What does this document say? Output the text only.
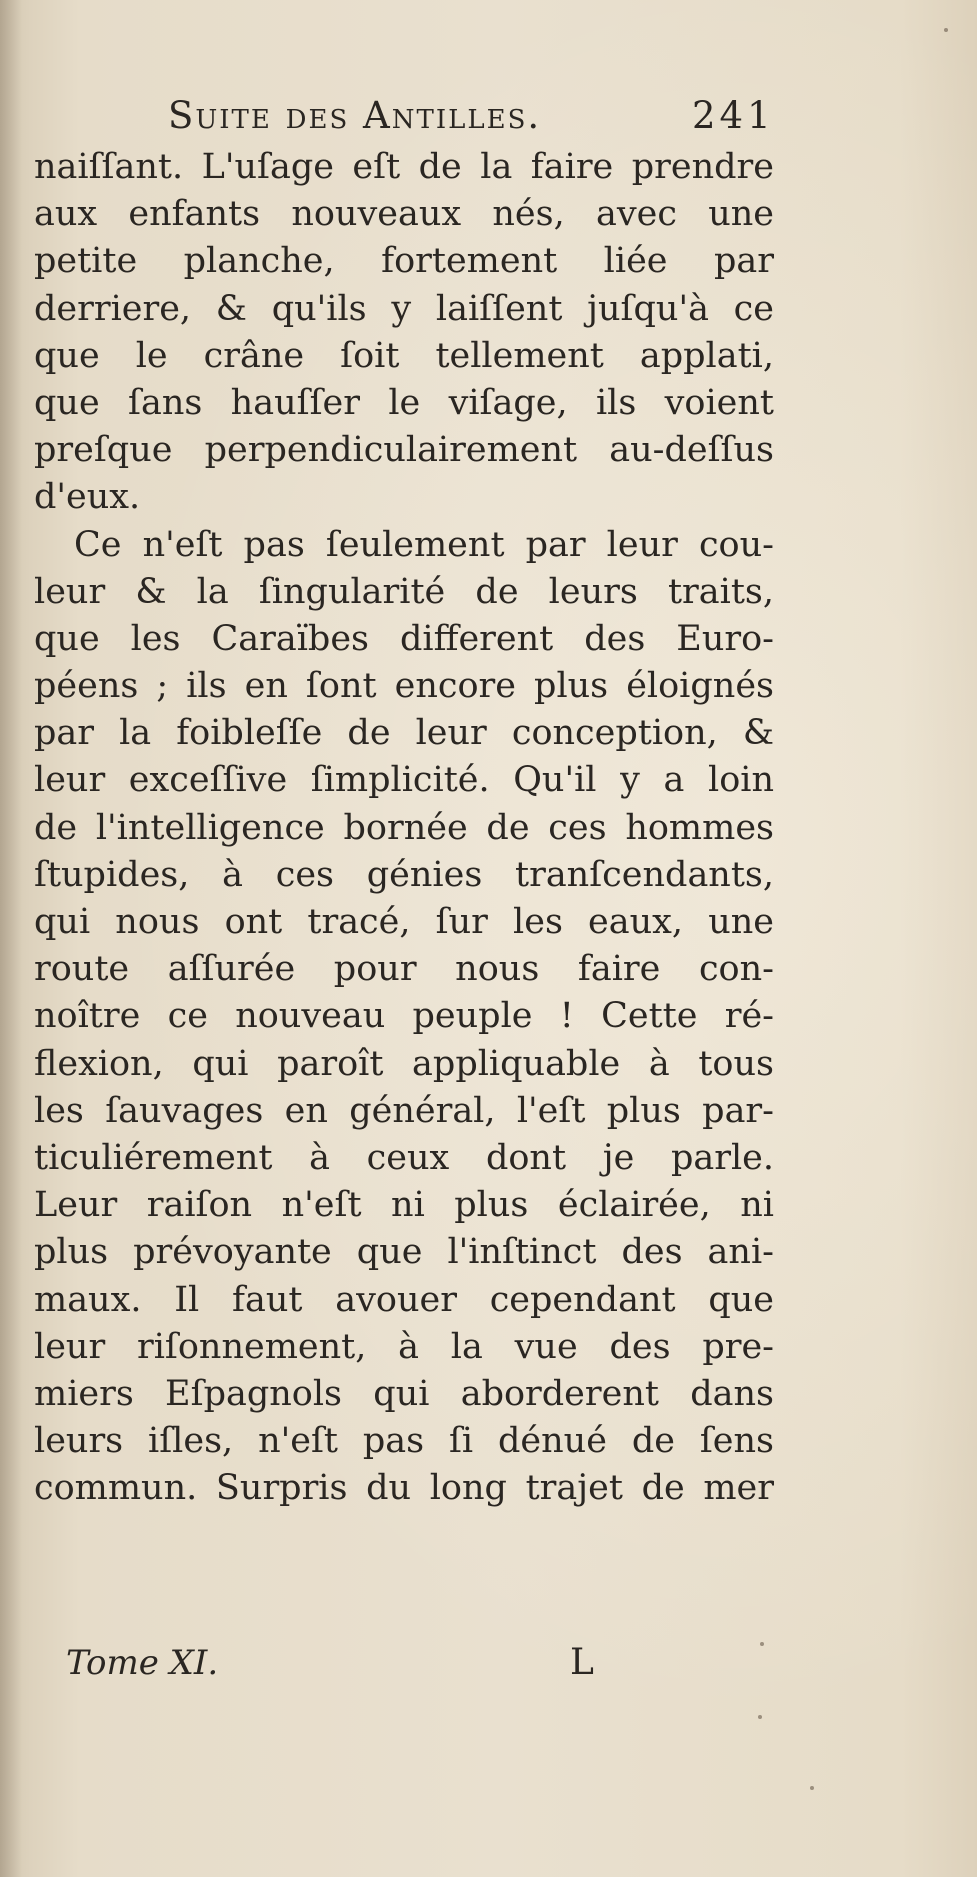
Suite des Antilles.	241
naiſſant. L'uſage eſt de la faire prendre
aux enfants nouveaux nés, avec une
petite planche, fortement liée par
derriere, & qu'ils y laiſſent juſqu'à ce
que le crâne ſoit tellement applati,
que ſans hauſſer le viſage, ils voient
preſque perpendiculairement au-deſſus
d'eux.
Ce n'eſt pas ſeulement par leur cou-
leur & la ſingularité de leurs traits,
que les Caraïbes different des Euro-
péens ; ils en ſont encore plus éloignés
par la foibleſſe de leur conception, &
leur exceſſive ſimplicité. Qu'il y a loin
de l'intelligence bornée de ces hommes
ſtupides, à ces génies tranſcendants,
qui nous ont tracé, ſur les eaux, une
route aſſurée pour nous faire con-
noître ce nouveau peuple ! Cette ré-
flexion, qui paroît appliquable à tous
les ſauvages en général, l'eſt plus par-
ticuliérement à ceux dont je parle.
Leur raiſon n'eſt ni plus éclairée, ni
plus prévoyante que l'inſtinct des ani-
maux. Il faut avouer cependant que
leur riſonnement, à la vue des pre-
miers Eſpagnols qui aborderent dans
leurs iſles, n'eſt pas ſi dénué de ſens
commun. Surpris du long trajet de mer
Tome XI.	L
